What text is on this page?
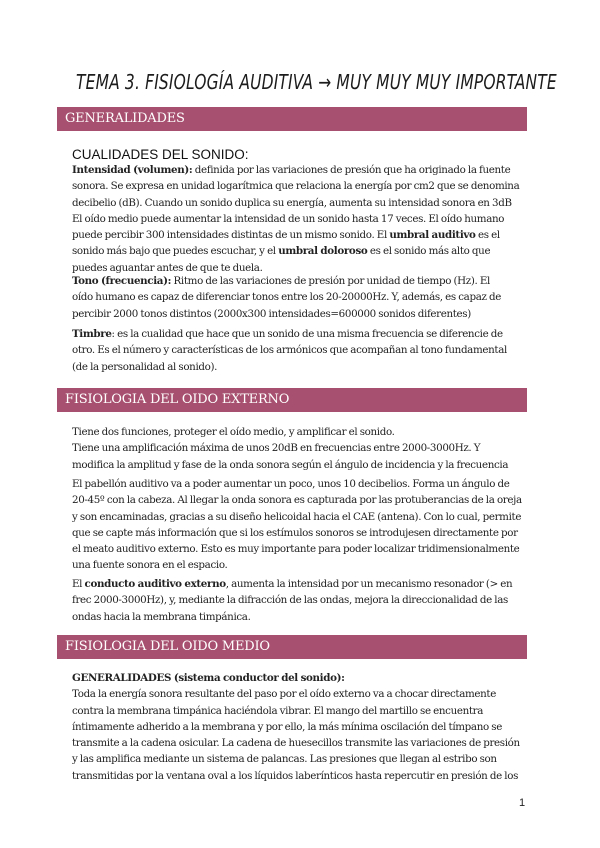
TEMA 3. FISIOLOGÍA AUDITIVA → MUY MUY MUY IMPORTANTE
GENERALIDADES
CUALIDADES DEL SONIDO:
Intensidad (volumen): definida por las variaciones de presión que ha originado la fuente
sonora. Se expresa en unidad logarítmica que relaciona la energía por cm2 que se denomina
decibelio (dB). Cuando un sonido duplica su energía, aumenta su intensidad sonora en 3dB
El oído medio puede aumentar la intensidad de un sonido hasta 17 veces. El oído humano
puede percibir 300 intensidades distintas de un mismo sonido. El umbral auditivo es el
sonido más bajo que puedes escuchar, y el umbral doloroso es el sonido más alto que
puedes aguantar antes de que te duela.
Tono (frecuencia): Ritmo de las variaciones de presión por unidad de tiempo (Hz). El
oído humano es capaz de diferenciar tonos entre los 20-20000Hz. Y, además, es capaz de
percibir 2000 tonos distintos (2000x300 intensidades=600000 sonidos diferentes)
Timbre: es la cualidad que hace que un sonido de una misma frecuencia se diferencie de
otro. Es el número y características de los armónicos que acompañan al tono fundamental
(de la personalidad al sonido).
FISIOLOGIA DEL OIDO EXTERNO
Tiene dos funciones, proteger el oído medio, y amplificar el sonido.
Tiene una amplificación máxima de unos 20dB en frecuencias entre 2000-3000Hz. Y
modifica la amplitud y fase de la onda sonora según el ángulo de incidencia y la frecuencia
El pabellón auditivo va a poder aumentar un poco, unos 10 decibelios. Forma un ángulo de
20-45º con la cabeza. Al llegar la onda sonora es capturada por las protuberancias de la oreja
y son encaminadas, gracias a su diseño helicoidal hacia el CAE (antena). Con lo cual, permite
que se capte más información que si los estímulos sonoros se introdujesen directamente por
el meato auditivo externo. Esto es muy importante para poder localizar tridimensionalmente
una fuente sonora en el espacio.
El conducto auditivo externo, aumenta la intensidad por un mecanismo resonador (> en
frec 2000-3000Hz), y, mediante la difracción de las ondas, mejora la direccionalidad de las
ondas hacia la membrana timpánica.
FISIOLOGIA DEL OIDO MEDIO
GENERALIDADES (sistema conductor del sonido):
Toda la energía sonora resultante del paso por el oído externo va a chocar directamente
contra la membrana timpánica haciéndola vibrar. El mango del martillo se encuentra
íntimamente adherido a la membrana y por ello, la más mínima oscilación del tímpano se
transmite a la cadena osicular. La cadena de huesecillos transmite las variaciones de presión
y las amplifica mediante un sistema de palancas. Las presiones que llegan al estribo son
transmitidas por la ventana oval a los líquidos laberínticos hasta repercutir en presión de los
1
